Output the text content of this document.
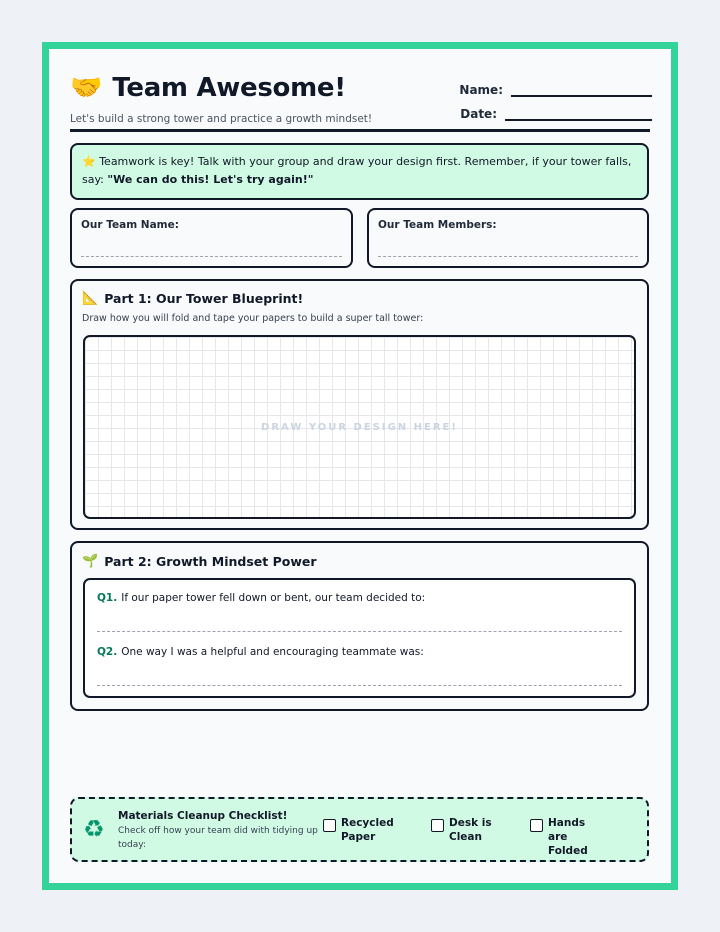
🤝 Team Awesome!
Let's build a strong tower and practice a growth mindset!
Name:
Date:
⭐ Teamwork is key! Talk with your group and draw your design first. Remember, if your tower falls, say: "We can do this! Let's try again!"
Our Team Name:	Our Team Members:
📐 Part 1: Our Tower Blueprint!
Draw how you will fold and tape your papers to build a super tall tower:
DRAW YOUR DESIGN HERE!
🌱 Part 2: Growth Mindset Power
Q1. If our paper tower fell down or bent, our team decided to:
Q2. One way I was a helpful and encouraging teammate was:
♻ Materials Cleanup Checklist!
Check off how your team did with tidying up today:
Recycled Paper
Desk is Clean
Hands are Folded
